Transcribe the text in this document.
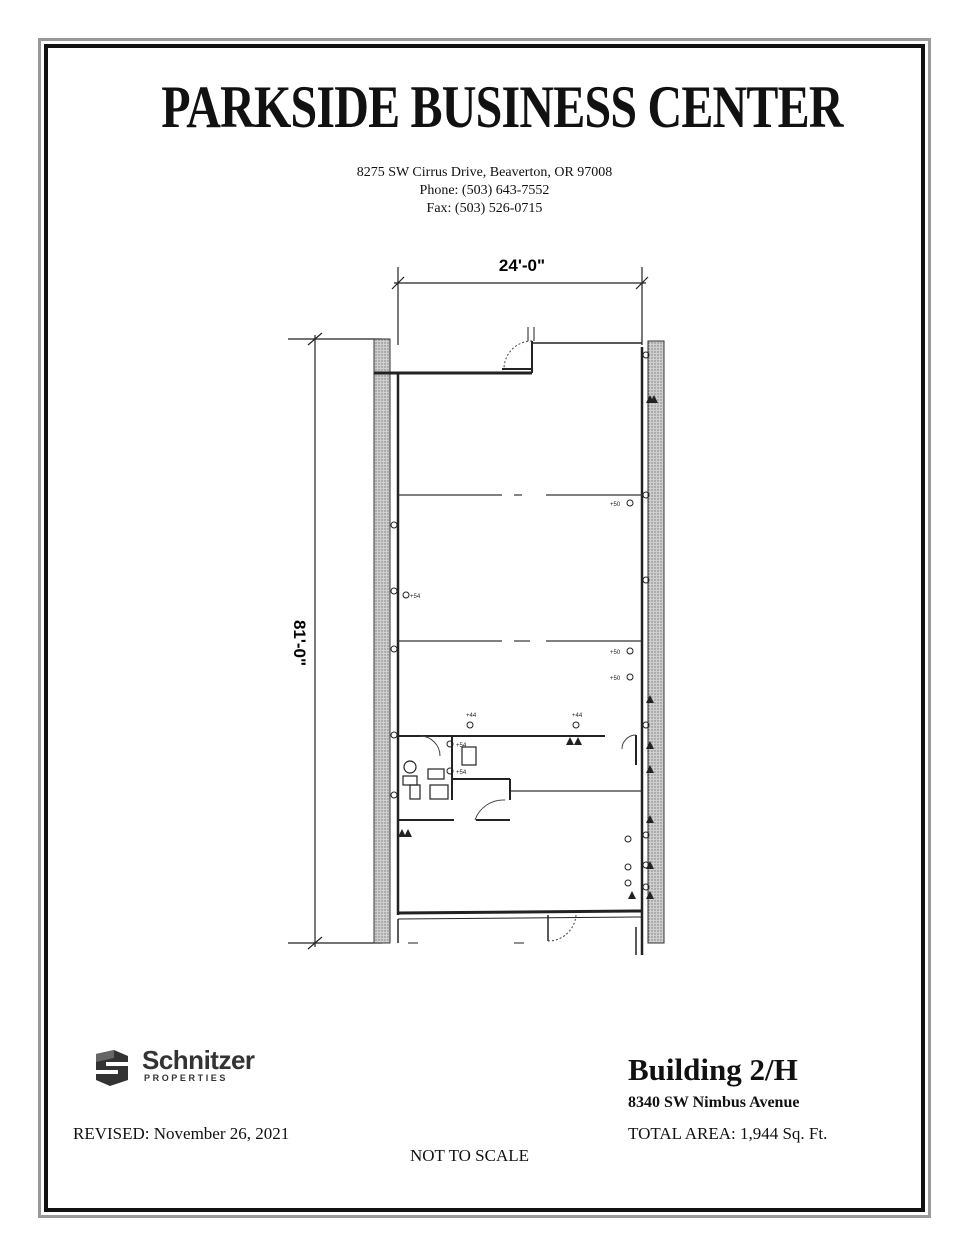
PARKSIDE BUSINESS CENTER
8275 SW Cirrus Drive, Beaverton, OR 97008
Phone: (503) 643-7552
Fax: (503) 526-0715
24'-0"
81'-0"
+50
+54
+50
+50
+54
+54
+44	+44
Schnitzer
PROPERTIES	Building 2/H
8340 SW Nimbus Avenue
TOTAL AREA: 1,944 Sq. Ft.
REVISED: November 26, 2021
NOT TO SCALE
